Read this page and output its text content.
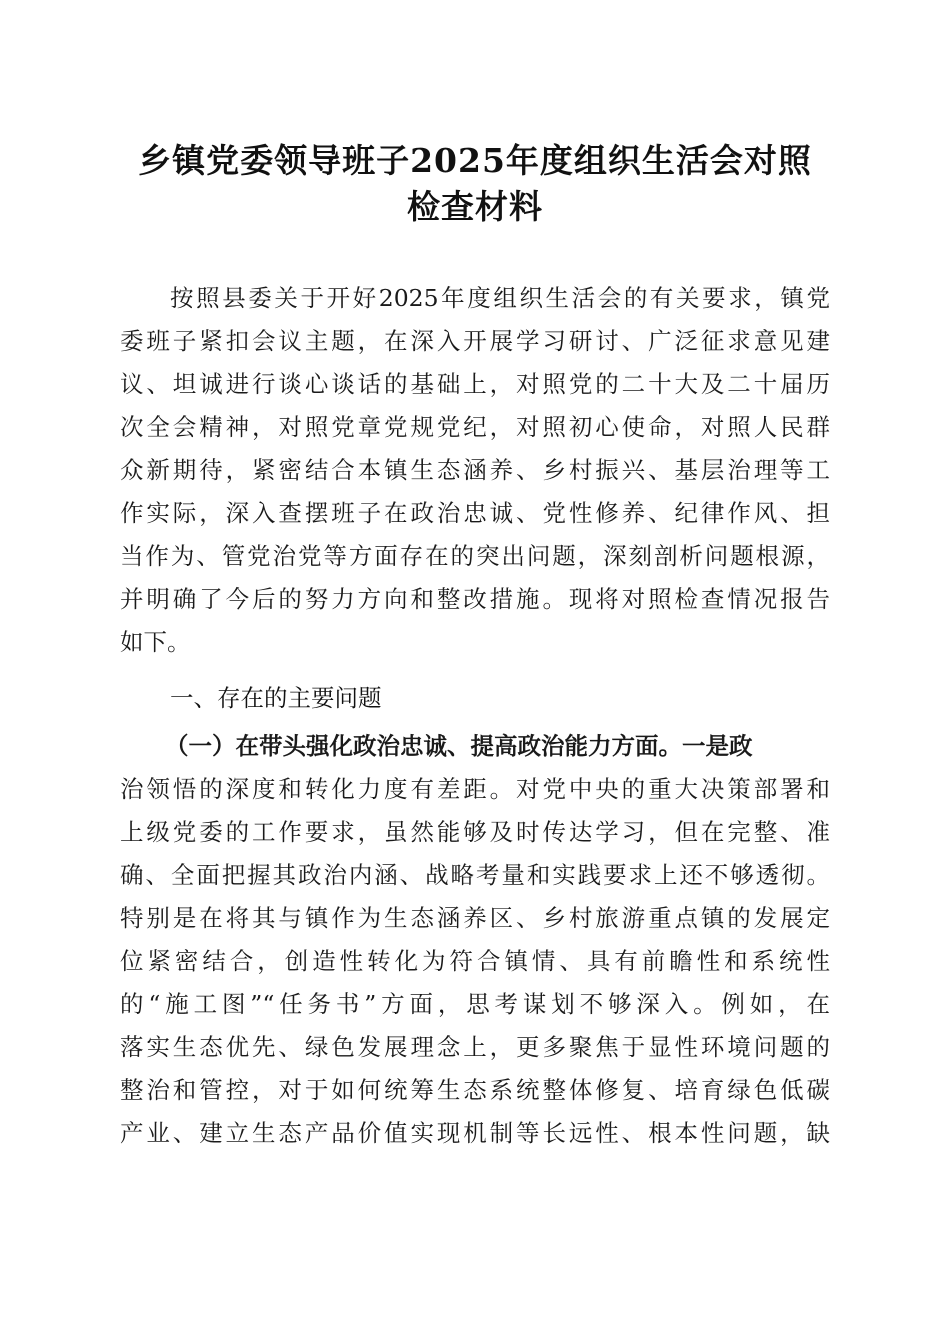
乡镇党委领导班子2025年度组织生活会对照
检查材料
按照县委关于开好2025年度组织生活会的有关要求，镇党
委班子紧扣会议主题，在深入开展学习研讨、广泛征求意见建
议、坦诚进行谈心谈话的基础上，对照党的二十大及二十届历
次全会精神，对照党章党规党纪，对照初心使命，对照人民群
众新期待，紧密结合本镇生态涵养、乡村振兴、基层治理等工
作实际，深入查摆班子在政治忠诚、党性修养、纪律作风、担
当作为、管党治党等方面存在的突出问题，深刻剖析问题根源，
并明确了今后的努力方向和整改措施。现将对照检查情况报告
如下。
一、存在的主要问题
（一）在带头强化政治忠诚、提高政治能力方面。一是政
治领悟的深度和转化力度有差距。对党中央的重大决策部署和
上级党委的工作要求，虽然能够及时传达学习，但在完整、准
确、全面把握其政治内涵、战略考量和实践要求上还不够透彻。
特别是在将其与镇作为生态涵养区、乡村旅游重点镇的发展定
位紧密结合，创造性转化为符合镇情、具有前瞻性和系统性
的“施工图”“任务书”方面，思考谋划不够深入。例如，在
落实生态优先、绿色发展理念上，更多聚焦于显性环境问题的
整治和管控，对于如何统筹生态系统整体修复、培育绿色低碳
产业、建立生态产品价值实现机制等长远性、根本性问题，缺
